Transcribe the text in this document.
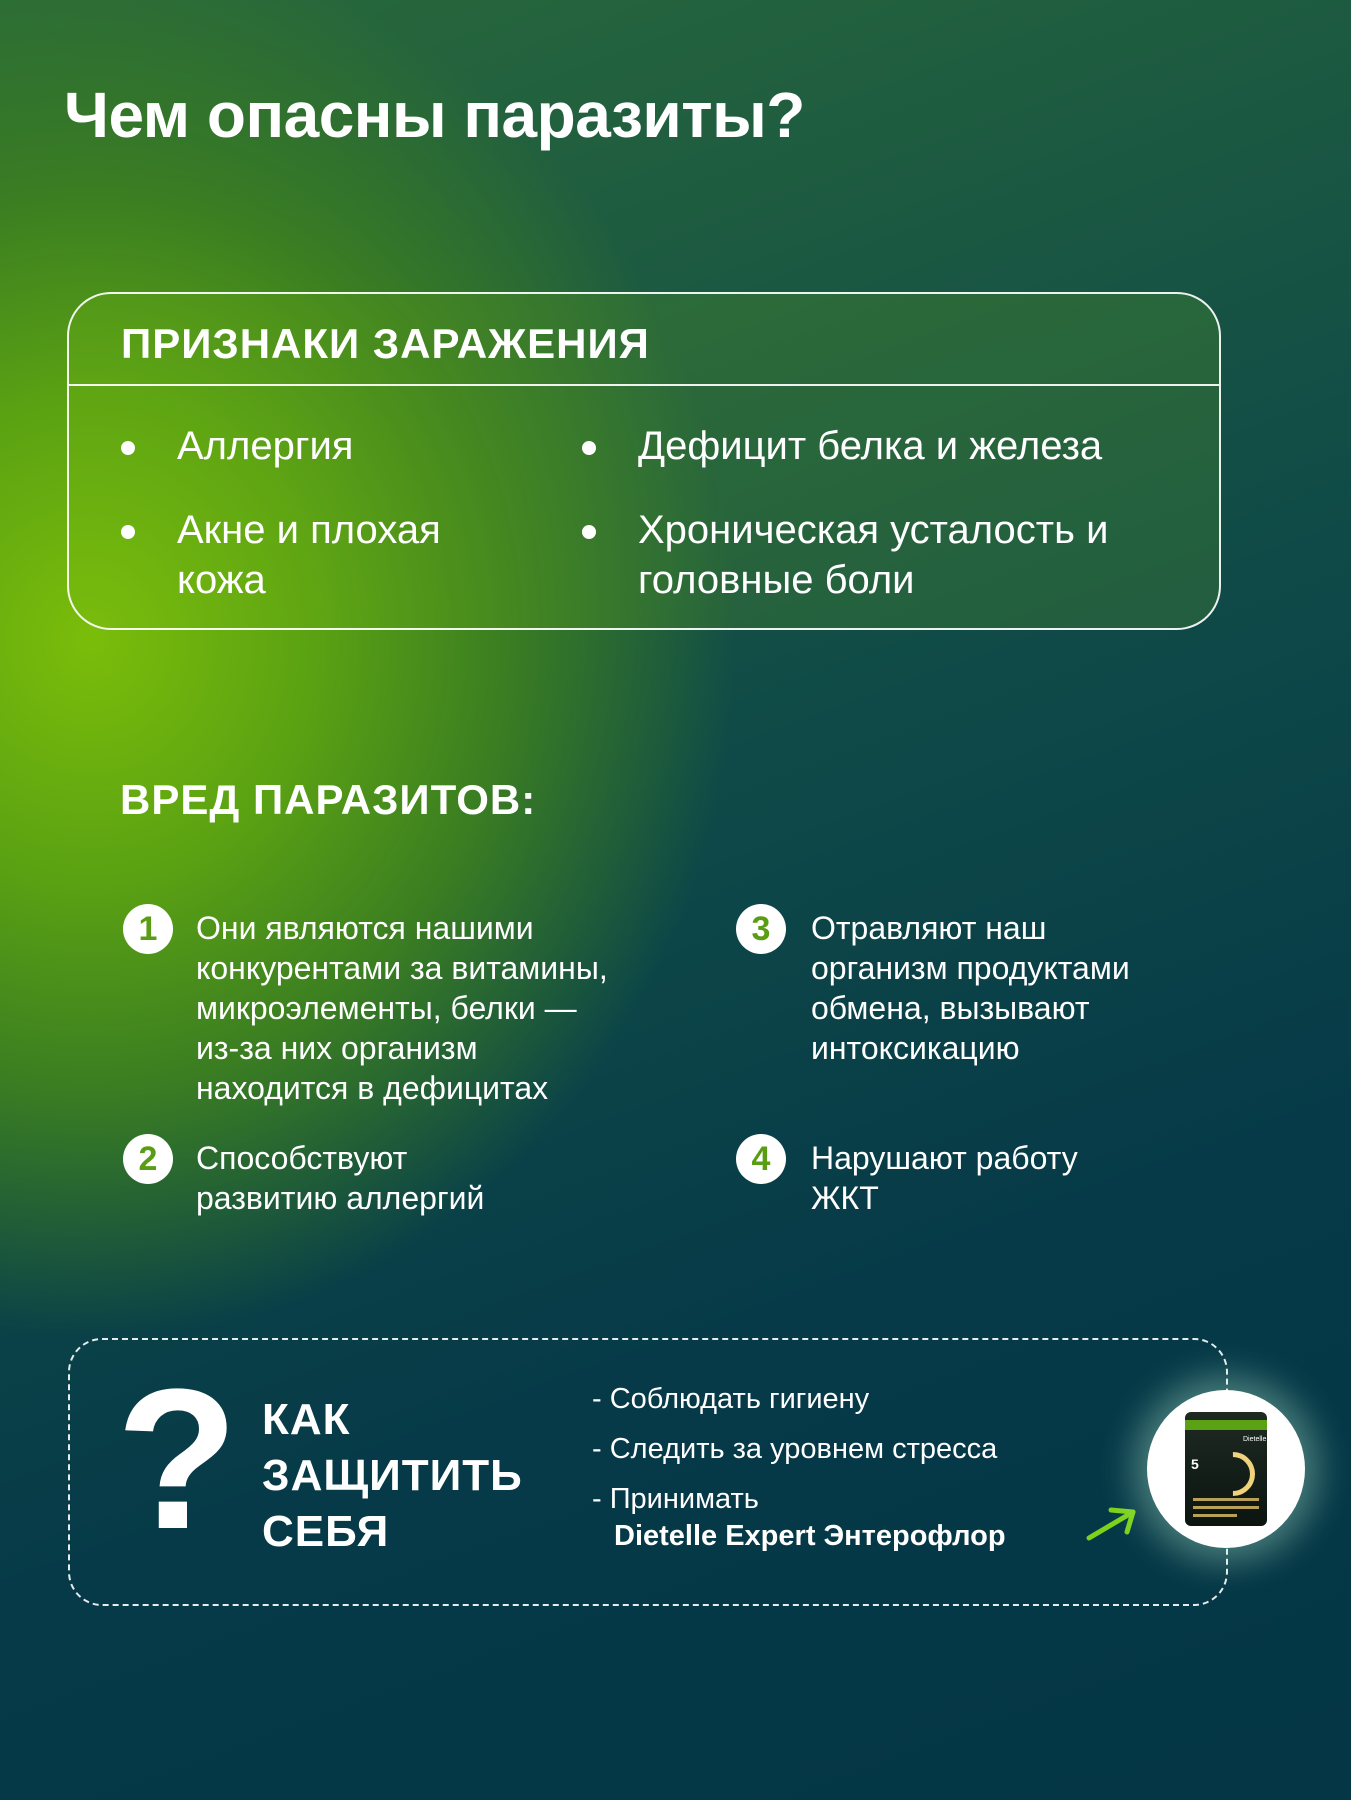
Чем опасны паразиты?
ПРИЗНАКИ ЗАРАЖЕНИЯ
Аллергия
Акне и плохая кожа
Дефицит белка и железа
Хроническая усталость и головные боли
ВРЕД ПАРАЗИТОВ:
1	Они являются нашими
конкурентами за витамины,
микроэлементы, белки —
из-за них организм
находится в дефицитах
2	Способствуют
развитию аллергий
3	Отравляют наш
организм продуктами
обмена, вызывают
интоксикацию
4	Нарушают работу
ЖКТ
? КАК
ЗАЩИТИТЬ
СЕБЯ
- Соблюдать гигиену
- Следить за уровнем стресса
- Принимать
Dietelle Expert Энтерофлор
Dietelle
5
